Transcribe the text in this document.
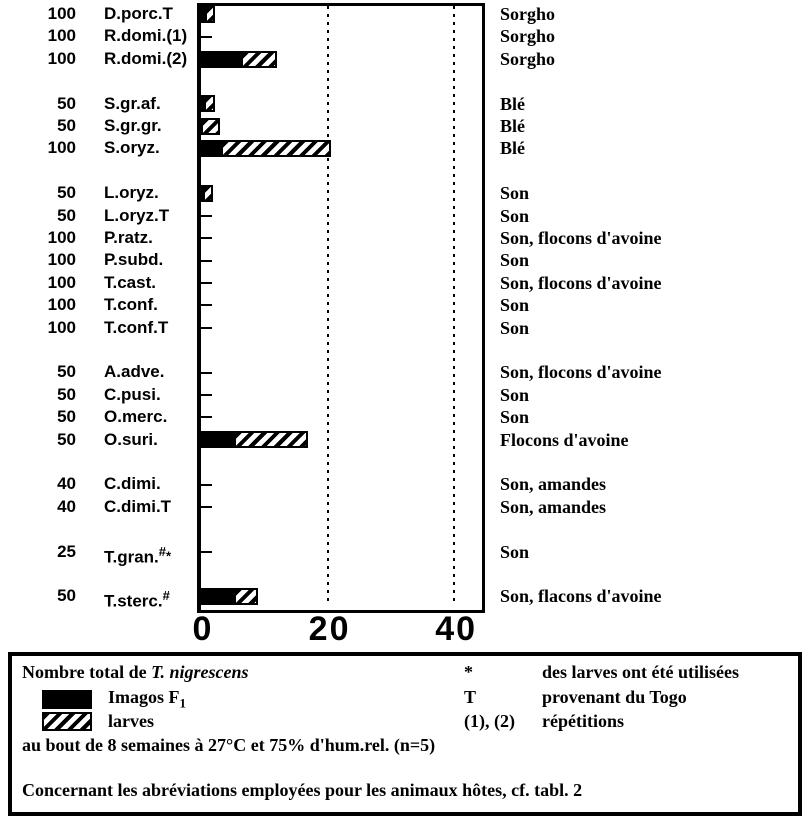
100 D.porc.T	Sorgho
100 R.domi.(1)	Sorgho
100 R.domi.(2)	Sorgho
50 S.gr.af.	Blé
50 S.gr.gr.	Blé
100 S.oryz.	Blé
50 L.oryz.	Son
50 L.oryz.T	Son
100 P.ratz.	Son, flocons d'avoine
100 P.subd.	Son
100 T.cast.	Son, flocons d'avoine
100 T.conf.	Son
100 T.conf.T	Son
50 A.adve.	Son, flocons d'avoine
50 C.pusi.	Son
50 O.merc.	Son
50 O.suri.	Flocons d'avoine
40 C.dimi.	Son, amandes
40 C.dimi.T	Son, amandes
25 T.gran.#*	Son
50 T.sterc.#	Son, flacons d'avoine
0	20 40
Nombre total de T. nigrescens
Imagos $F_1$
larves
au bout de 8 semaines à 27°C et 75% d'hum.rel. (n=5)
Concernant les abréviations employées pour les animaux hôtes, cf. tabl. 2
*
T
(1), (2)
des larves ont été utilisées
provenant du Togo
répétitions
